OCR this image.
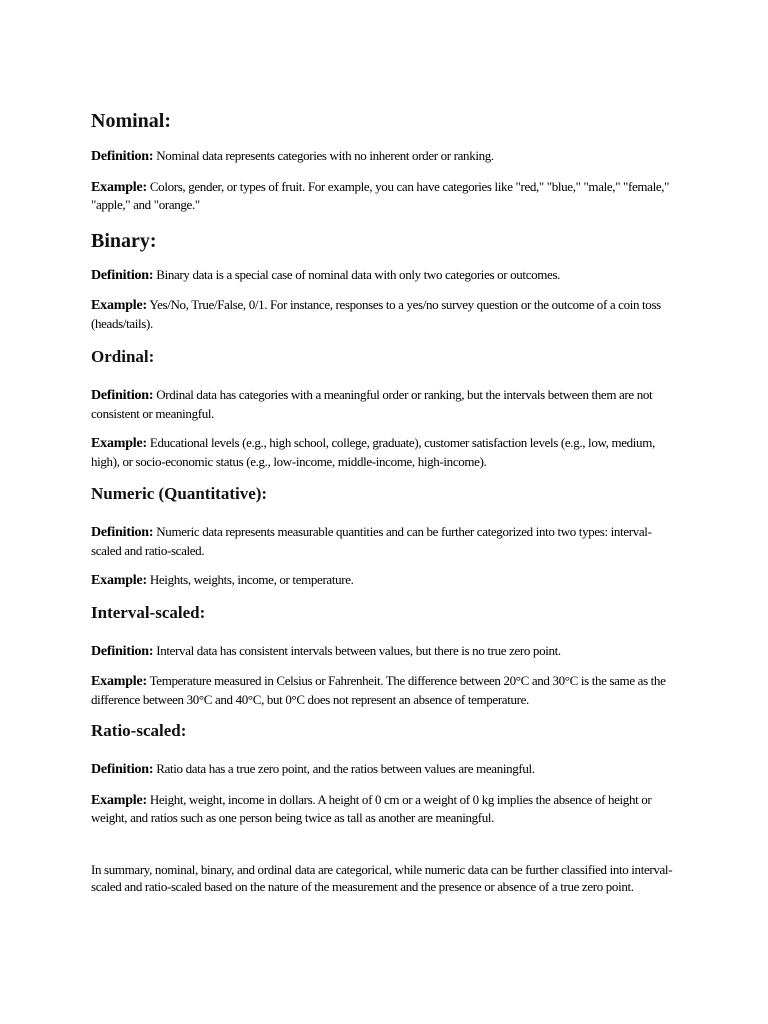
Nominal:

Definition: Nominal data represents categories with no inherent order or ranking.

Example: Colors, gender, or types of fruit. For example, you can have categories like "red," "blue," "male," "female," "apple," and "orange."

Binary:

Definition: Binary data is a special case of nominal data with only two categories or outcomes.

Example: Yes/No, True/False, 0/1. For instance, responses to a yes/no survey question or the outcome of a coin toss (heads/tails).

Ordinal:

Definition: Ordinal data has categories with a meaningful order or ranking, but the intervals between them are not consistent or meaningful.

Example: Educational levels (e.g., high school, college, graduate), customer satisfaction levels (e.g., low, medium, high), or socio-economic status (e.g., low-income, middle-income, high-income).

Numeric (Quantitative):

Definition: Numeric data represents measurable quantities and can be further categorized into two types: interval-scaled and ratio-scaled.

Example: Heights, weights, income, or temperature.

Interval-scaled:

Definition: Interval data has consistent intervals between values, but there is no true zero point.

Example: Temperature measured in Celsius or Fahrenheit. The difference between 20°C and 30°C is the same as the difference between 30°C and 40°C, but 0°C does not represent an absence of temperature.

Ratio-scaled:

Definition: Ratio data has a true zero point, and the ratios between values are meaningful.

Example: Height, weight, income in dollars. A height of 0 cm or a weight of 0 kg implies the absence of height or weight, and ratios such as one person being twice as tall as another are meaningful.

In summary, nominal, binary, and ordinal data are categorical, while numeric data can be further classified into interval-scaled and ratio-scaled based on the nature of the measurement and the presence or absence of a true zero point.
